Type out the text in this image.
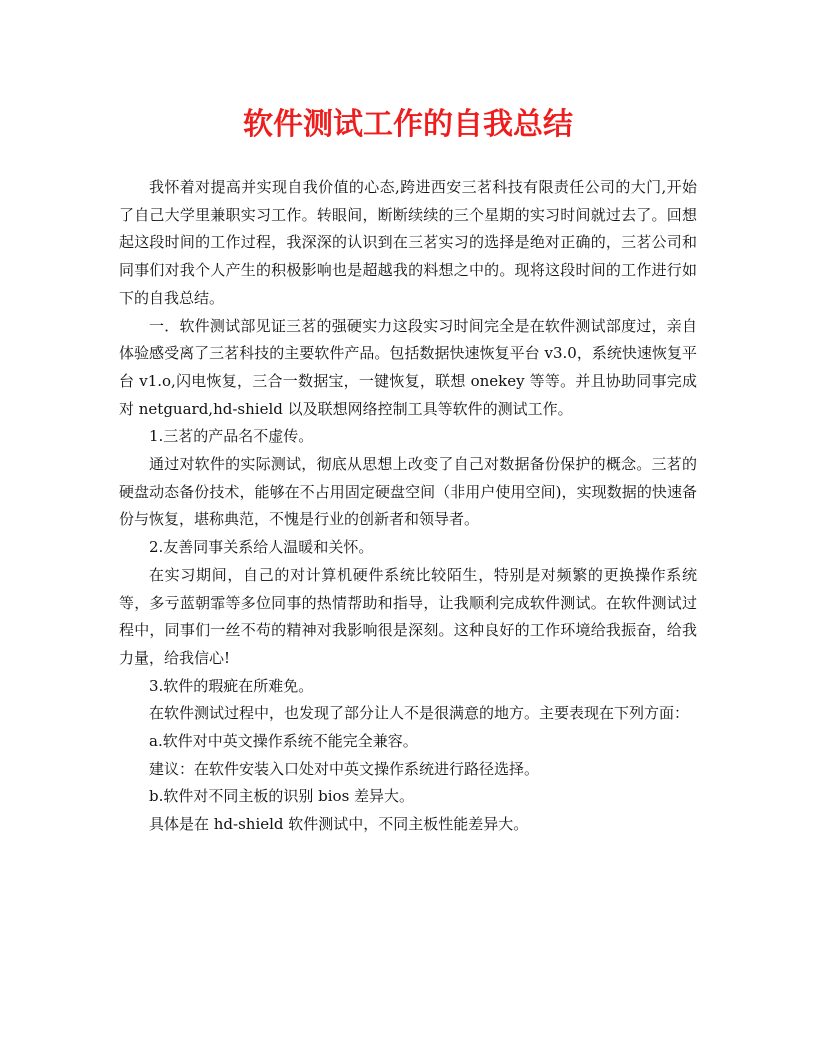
软件测试工作的自我总结

我怀着对提高并实现自我价值的心态,跨进西安三茗科技有限责任公司的大门,开始了自己大学里兼职实习工作。转眼间，断断续续的三个星期的实习时间就过去了。回想起这段时间的工作过程，我深深的认识到在三茗实习的选择是绝对正确的，三茗公司和同事们对我个人产生的积极影响也是超越我的料想之中的。现将这段时间的工作进行如下的自我总结。

一．软件测试部见证三茗的强硬实力这段实习时间完全是在软件测试部度过，亲自体验感受离了三茗科技的主要软件产品。包括数据快速恢复平台 v3.0，系统快速恢复平台 v1.o,闪电恢复，三合一数据宝，一键恢复，联想 onekey 等等。并且协助同事完成对 netguard,hd-shield 以及联想网络控制工具等软件的测试工作。

1.三茗的产品名不虚传。

通过对软件的实际测试，彻底从思想上改变了自己对数据备份保护的概念。三茗的硬盘动态备份技术，能够在不占用固定硬盘空间（非用户使用空间)，实现数据的快速备份与恢复，堪称典范，不愧是行业的创新者和领导者。

2.友善同事关系给人温暖和关怀。

在实习期间，自己的对计算机硬件系统比较陌生，特别是对频繁的更换操作系统等，多亏蓝朝霏等多位同事的热情帮助和指导，让我顺利完成软件测试。在软件测试过程中，同事们一丝不苟的精神对我影响很是深刻。这种良好的工作环境给我振奋，给我力量，给我信心!

3.软件的瑕疵在所难免。

在软件测试过程中，也发现了部分让人不是很满意的地方。主要表现在下列方面：

a.软件对中英文操作系统不能完全兼容。

建议：在软件安装入口处对中英文操作系统进行路径选择。

b.软件对不同主板的识别 bios 差异大。

具体是在 hd-shield 软件测试中，不同主板性能差异大。
